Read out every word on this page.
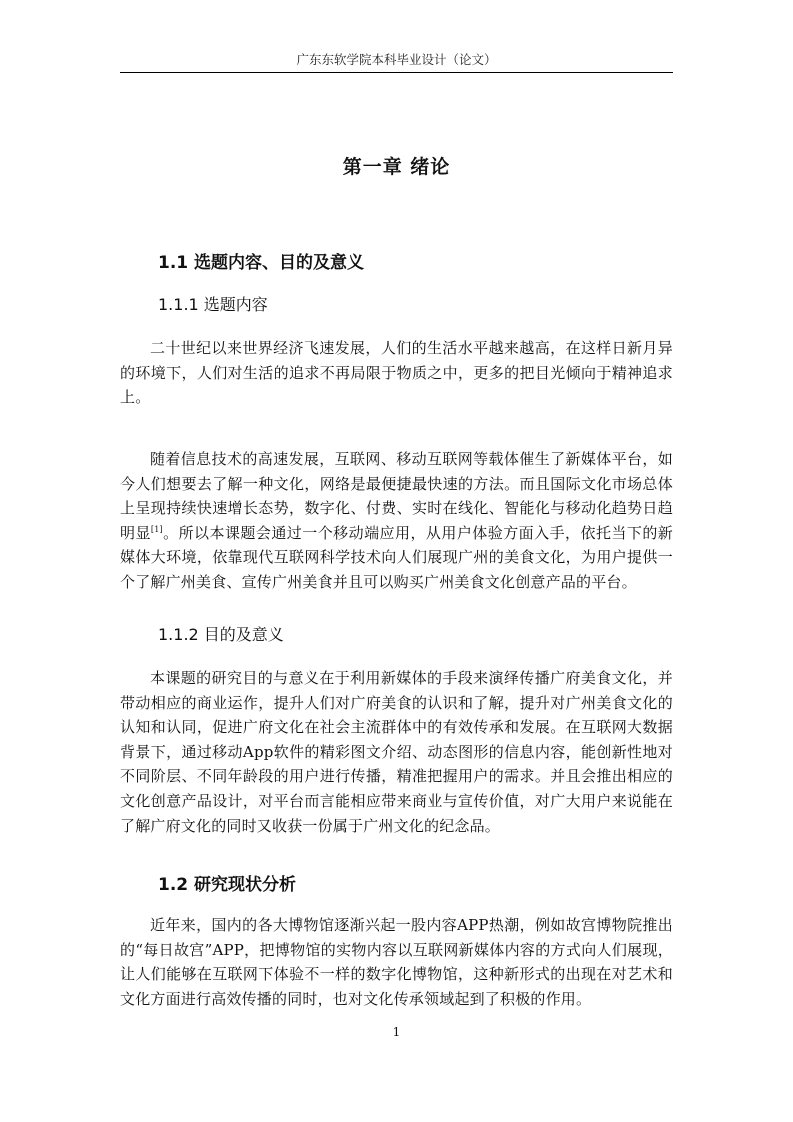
广东东软学院本科毕业设计（论文）
第一章 绪论
1.1 选题内容、目的及意义
1.1.1 选题内容

二十世纪以来世界经济飞速发展，人们的生活水平越来越高，在这样日新月异的环境下，人们对生活的追求不再局限于物质之中，更多的把目光倾向于精神追求上。

随着信息技术的高速发展，互联网、移动互联网等载体催生了新媒体平台，如今人们想要去了解一种文化，网络是最便捷最快速的方法。而且国际文化市场总体上呈现持续快速增长态势，数字化、付费、实时在线化、智能化与移动化趋势日趋明显[1]。所以本课题会通过一个移动端应用，从用户体验方面入手，依托当下的新媒体大环境，依靠现代互联网科学技术向人们展现广州的美食文化，为用户提供一个了解广州美食、宣传广州美食并且可以购买广州美食文化创意产品的平台。

1.1.2 目的及意义

本课题的研究目的与意义在于利用新媒体的手段来演绎传播广府美食文化，并带动相应的商业运作，提升人们对广府美食的认识和了解，提升对广州美食文化的认知和认同，促进广府文化在社会主流群体中的有效传承和发展。在互联网大数据背景下，通过移动App软件的精彩图文介绍、动态图形的信息内容，能创新性地对不同阶层、不同年龄段的用户进行传播，精准把握用户的需求。并且会推出相应的文化创意产品设计，对平台而言能相应带来商业与宣传价值，对广大用户来说能在了解广府文化的同时又收获一份属于广州文化的纪念品。

1.2 研究现状分析

近年来，国内的各大博物馆逐渐兴起一股内容APP热潮，例如故宫博物院推出的“每日故宫”APP，把博物馆的实物内容以互联网新媒体内容的方式向人们展现，让人们能够在互联网下体验不一样的数字化博物馆，这种新形式的出现在对艺术和文化方面进行高效传播的同时，也对文化传承领域起到了积极的作用。

1
